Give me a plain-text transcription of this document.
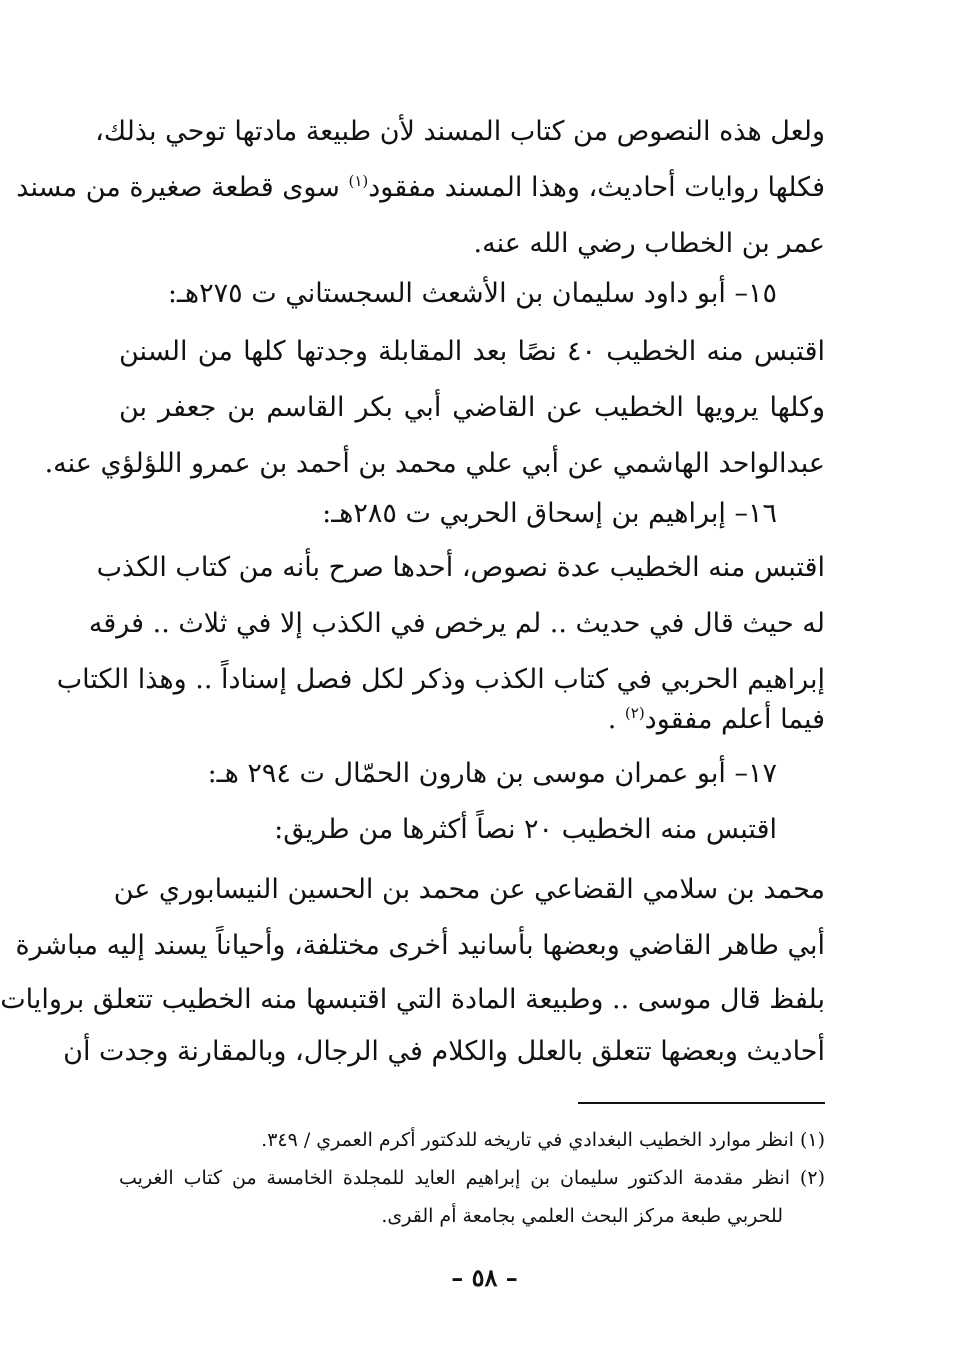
ولعل هذه النصوص من كتاب المسند لأن طبيعة مادتها توحي بذلك،
فكلها روايات أحاديث، وهذا المسند مفقود$^{(١)}$ سوى قطعة صغيرة من مسند
عمر بن الخطاب رضي الله عنه.
١٥– أبو داود سليمان بن الأشعث السجستاني ت ٢٧٥هـ:
اقتبس منه الخطيب ٤٠ نصًا بعد المقابلة وجدتها كلها من السنن
وكلها يرويها الخطيب عن القاضي أبي بكر القاسم بن جعفر بن
عبدالواحد الهاشمي عن أبي علي محمد بن أحمد بن عمرو اللؤلؤي عنه.
١٦– إبراهيم بن إسحاق الحربي ت ٢٨٥هـ:
اقتبس منه الخطيب عدة نصوص، أحدها صرح بأنه من كتاب الكذب
له حيث قال في حديث .. لم يرخص في الكذب إلا في ثلاث .. فرقه
إبراهيم الحربي في كتاب الكذب وذكر لكل فصل إسناداً .. وهذا الكتاب
فيما أعلم مفقود$^{(٢)}$ .
١٧– أبو عمران موسى بن هارون الحمّال ت ٢٩٤ هـ:
اقتبس منه الخطيب ٢٠ نصاً أكثرها من طريق:
محمد بن سلامي القضاعي عن محمد بن الحسين النيسابوري عن
أبي طاهر القاضي وبعضها بأسانيد أخرى مختلفة، وأحياناً يسند إليه مباشرة
بلفظ قال موسى .. وطبيعة المادة التي اقتبسها منه الخطيب تتعلق بروايات
أحاديث وبعضها تتعلق بالعلل والكلام في الرجال، وبالمقارنة وجدت أن
(١) انظر موارد الخطيب البغدادي في تاريخه للدكتور أكرم العمري / ٣٤٩.
(٢) انظر مقدمة الدكتور سليمان بن إبراهيم العايد للمجلدة الخامسة من كتاب الغريب
للحربي طبعة مركز البحث العلمي بجامعة أم القرى.
– ٥٨ –
